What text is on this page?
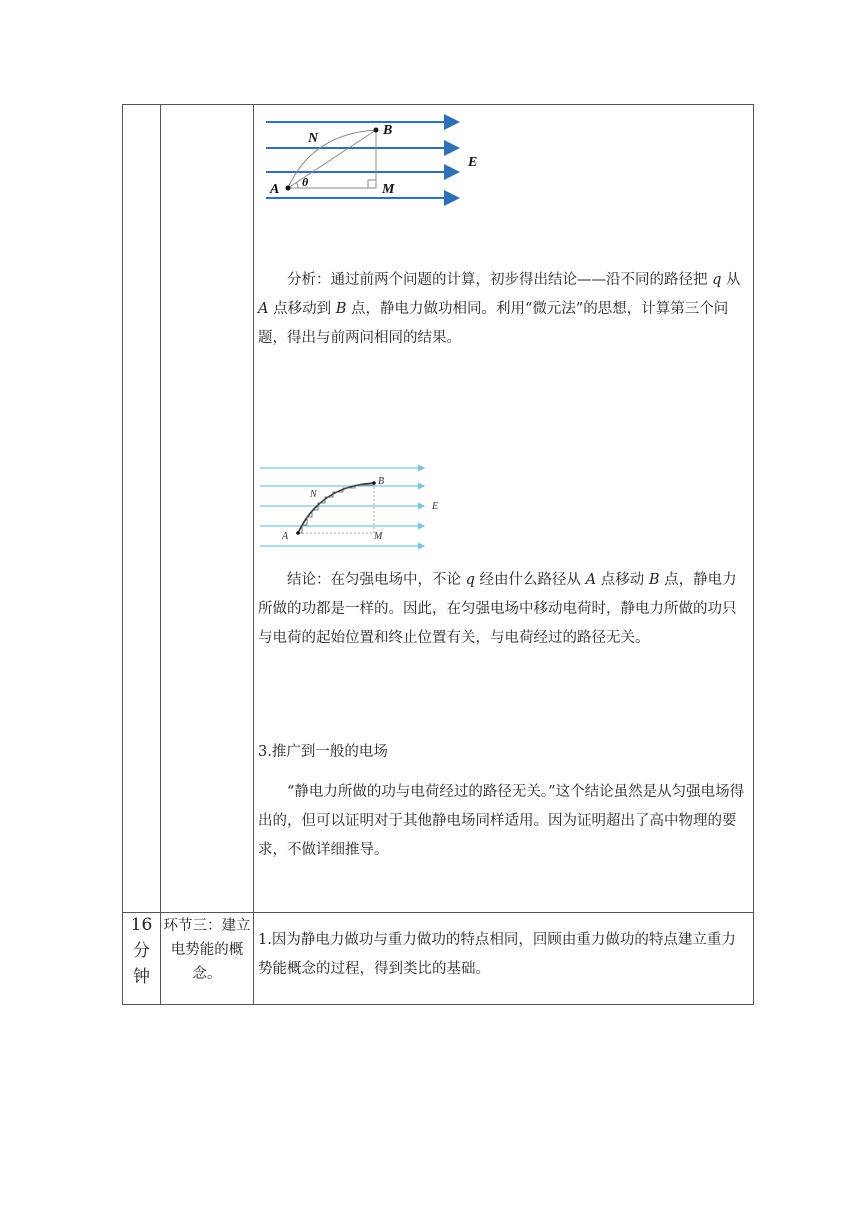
N
B
E
A θ	M

分析：通过前两个问题的计算，初步得出结论——沿不同的路径把 q 从 A 点移动到 B 点，静电力做功相同。利用“微元法”的思想，计算第三个问题，得出与前两问相同的结果。

N
B
E
A	M

结论：在匀强电场中，不论 q 经由什么路径从 A 点移动 B 点，静电力所做的功都是一样的。因此，在匀强电场中移动电荷时，静电力所做的功只与电荷的起始位置和终止位置有关，与电荷经过的路径无关。

3.推广到一般的电场

“静电力所做的功与电荷经过的路径无关。”这个结论虽然是从匀强电场得出的，但可以证明对于其他静电场同样适用。因为证明超出了高中物理的要求，不做详细推导。

16
分
钟
环节三：建立电势能的概念。

1.因为静电力做功与重力做功的特点相同，回顾由重力做功的特点建立重力势能概念的过程，得到类比的基础。
